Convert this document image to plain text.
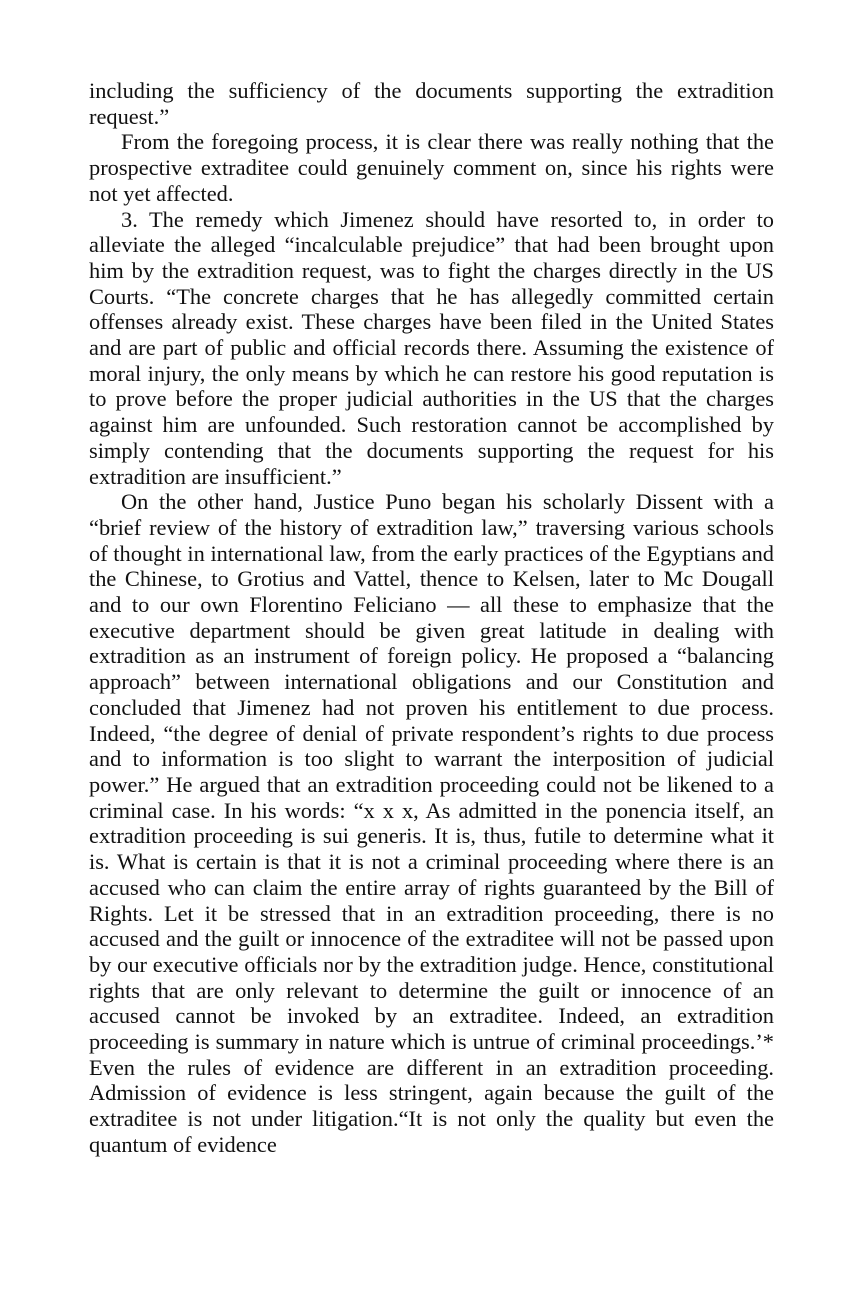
including the sufficiency of the documents supporting the extradition request.”

From the foregoing process, it is clear there was really nothing that the prospective extraditee could genuinely comment on, since his rights were not yet affected.

3. The remedy which Jimenez should have resorted to, in order to alleviate the alleged “incalculable prejudice” that had been brought upon him by the extradition request, was to fight the charges directly in the US Courts. “The concrete charges that he has allegedly committed certain offenses already exist. These charges have been filed in the United States and are part of public and official records there. Assuming the existence of moral injury, the only means by which he can restore his good reputation is to prove before the proper judicial authorities in the US that the charges against him are unfounded. Such restoration cannot be accomplished by simply contending that the documents supporting the request for his extradition are insufficient.”

On the other hand, Justice Puno began his scholarly Dissent with a “brief review of the history of extradition law,” traversing various schools of thought in international law, from the early practices of the Egyptians and the Chinese, to Grotius and Vattel, thence to Kelsen, later to Mc Dougall and to our own Florentino Feliciano — all these to emphasize that the executive department should be given great latitude in dealing with extradition as an instrument of foreign policy. He proposed a “balancing approach” between international obligations and our Constitution and concluded that Jimenez had not proven his entitlement to due process. Indeed, “the degree of denial of private respondent’s rights to due process and to information is too slight to warrant the interposition of judicial power.” He argued that an extradition proceeding could not be likened to a criminal case. In his words: “x x x, As admitted in the ponencia itself, an extradition proceeding is sui generis. It is, thus, futile to determine what it is. What is certain is that it is not a criminal proceeding where there is an accused who can claim the entire array of rights guaranteed by the Bill of Rights. Let it be stressed that in an extradition proceeding, there is no accused and the guilt or innocence of the extraditee will not be passed upon by our executive officials nor by the extradition judge. Hence, constitutional rights that are only relevant to determine the guilt or innocence of an accused cannot be invoked by an extraditee. Indeed, an extradition proceeding is summary in nature which is untrue of criminal proceedings.’* Even the rules of evidence are different in an extradition proceeding. Admission of evidence is less stringent, again because the guilt of the extraditee is not under litigation.“It is not only the quality but even the quantum of evidence
